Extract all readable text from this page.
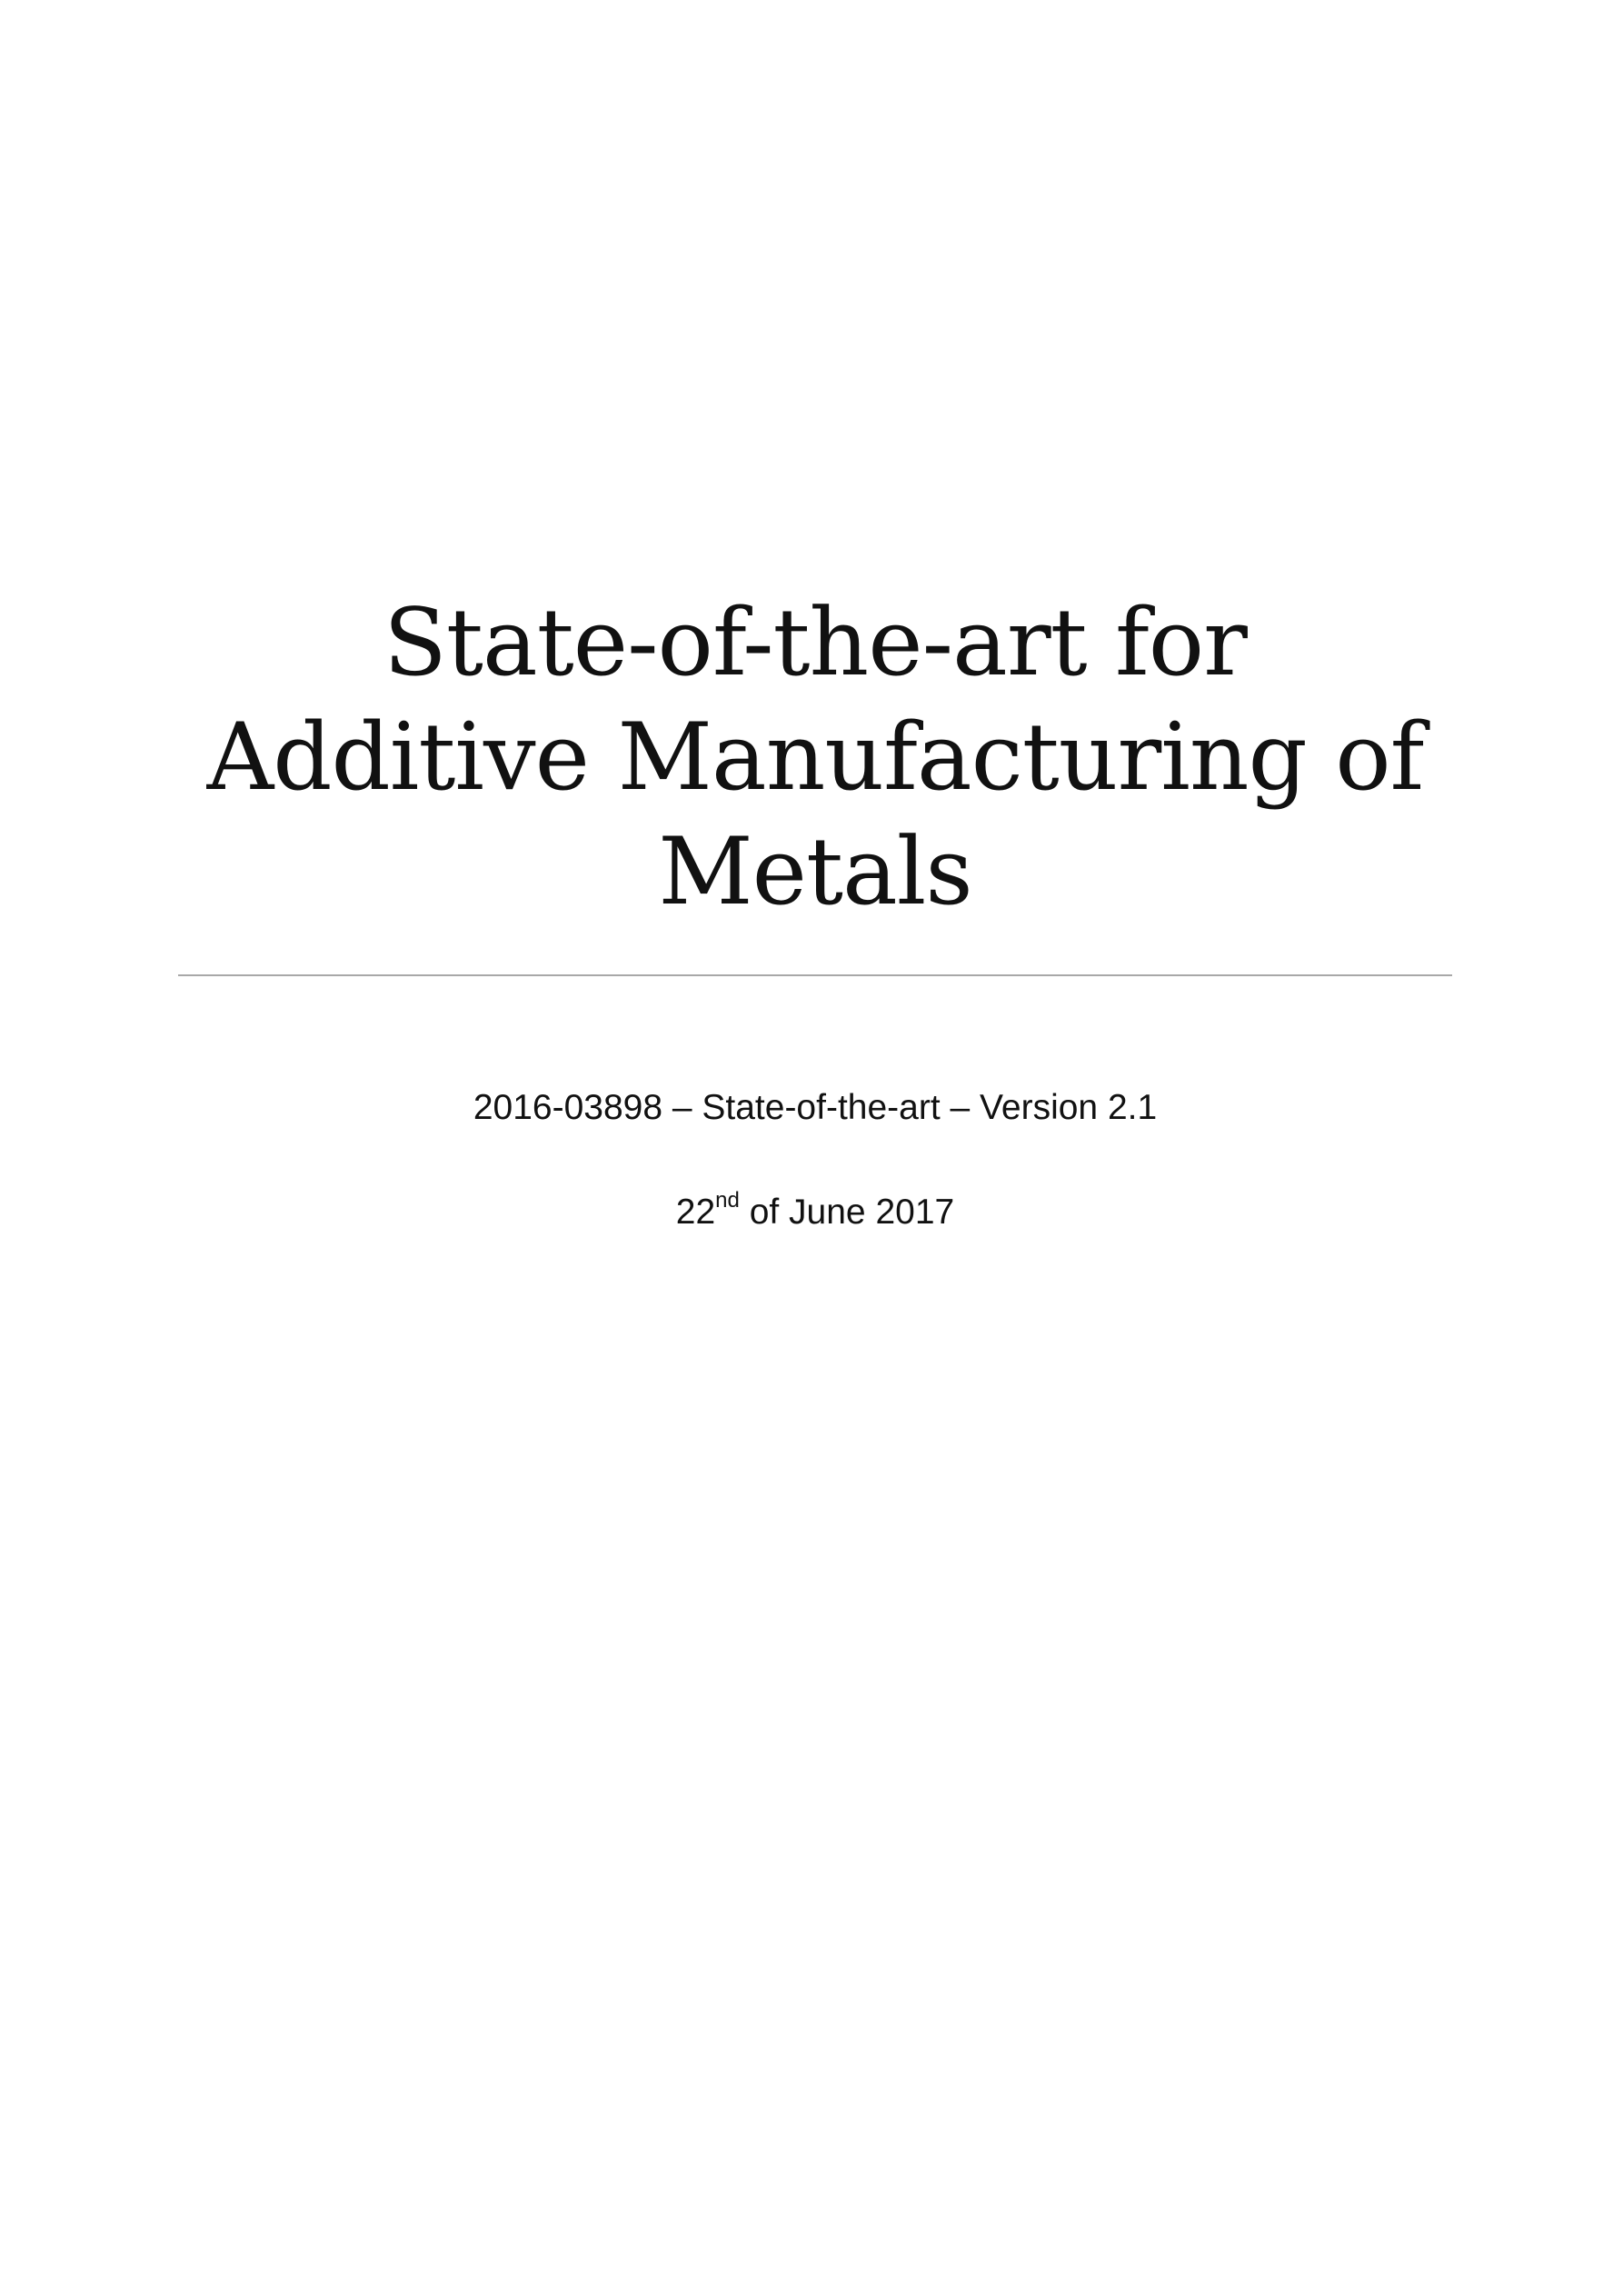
State-of-the-art for
Additive Manufacturing of
Metals
2016-03898 – State-of-the-art – Version 2.1
22nd of June 2017
